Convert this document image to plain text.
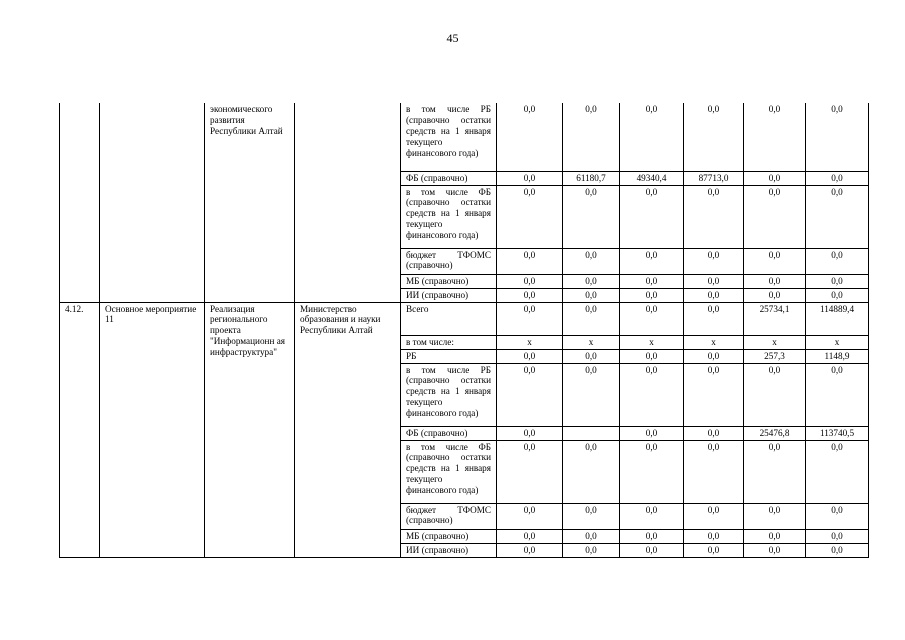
45
		экономического развития Республики Алтай		в том числе РБ (справочно остатки средств на 1 января текущего финансового года)	0,0	0,0	0,0	0,0	0,0	0,0
				ФБ (справочно)	0,0	61180,7	49340,4	87713,0	0,0	0,0
				в том числе ФБ (справочно остатки средств на 1 января текущего финансового года)	0,0	0,0	0,0	0,0	0,0	0,0
				бюджет ТФОМС (справочно)	0,0	0,0	0,0	0,0	0,0	0,0
				МБ (справочно)	0,0	0,0	0,0	0,0	0,0	0,0
				ИИ (справочно)	0,0	0,0	0,0	0,0	0,0	0,0
4.12.	Основное мероприятие 11	Реализация регионального проекта "Информационн ая инфраструктура"	Министерство образования и науки Республики Алтай	Всего	0,0	0,0	0,0	0,0	25734,1	114889,4
				в том числе:	х	х	х	х	х	х
				РБ	0,0	0,0	0,0	0,0	257,3	1148,9
				в том числе РБ (справочно остатки средств на 1 января текущего финансового года)	0,0	0,0	0,0	0,0	0,0	0,0
				ФБ (справочно)	0,0		0,0	0,0	25476,8	113740,5
				в том числе ФБ (справочно остатки средств на 1 января текущего финансового года)	0,0	0,0	0,0	0,0	0,0	0,0
				бюджет ТФОМС (справочно)	0,0	0,0	0,0	0,0	0,0	0,0
				МБ (справочно)	0,0	0,0	0,0	0,0	0,0	0,0
				ИИ (справочно)	0,0	0,0	0,0	0,0	0,0	0,0
